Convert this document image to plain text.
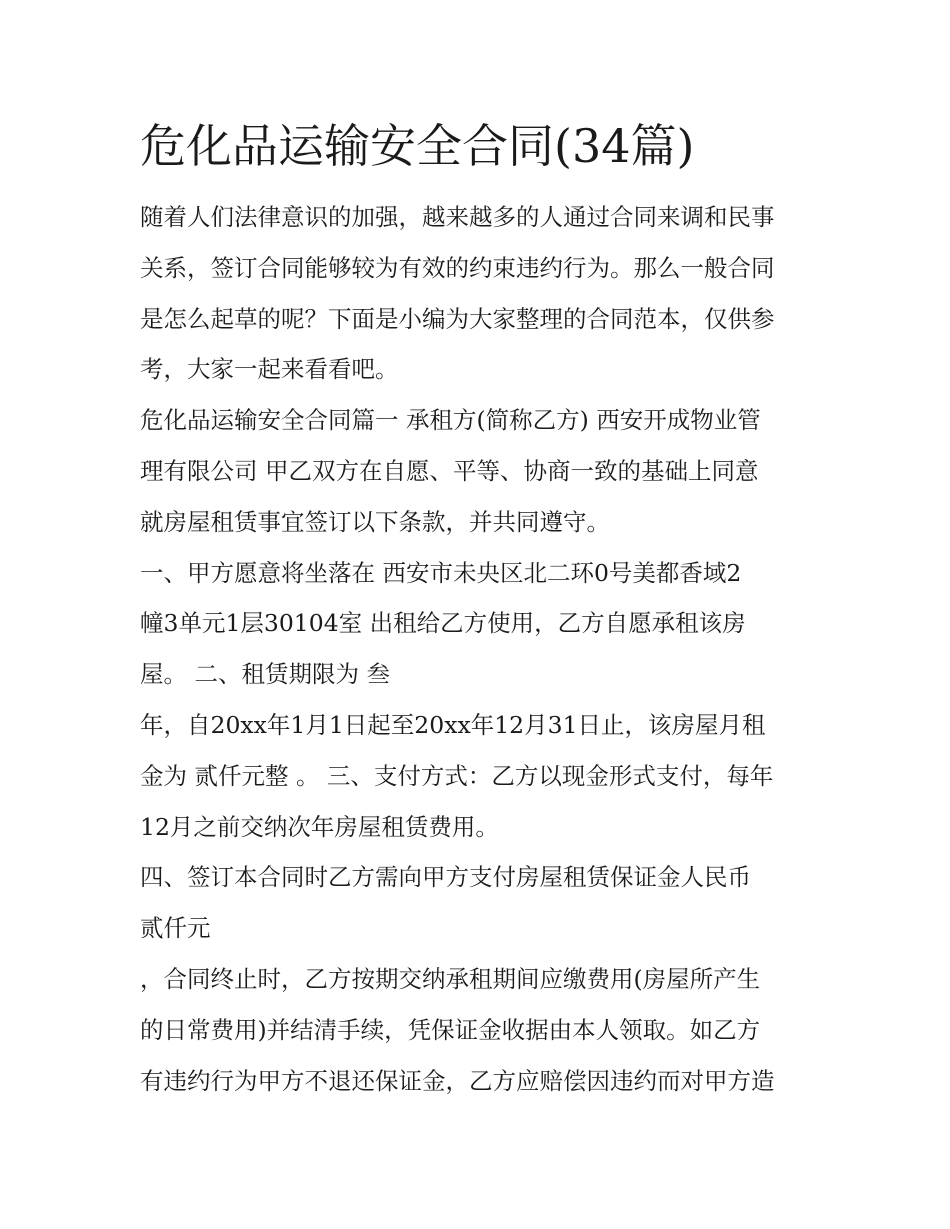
危化品运输安全合同(34篇)

随着人们法律意识的加强，越来越多的人通过合同来调和民事

关系，签订合同能够较为有效的约束违约行为。那么一般合同

是怎么起草的呢？下面是小编为大家整理的合同范本，仅供参

考，大家一起来看看吧。

危化品运输安全合同篇一 承租方(简称乙方) 西安开成物业管

理有限公司 甲乙双方在自愿、平等、协商一致的基础上同意

就房屋租赁事宜签订以下条款，并共同遵守。

一、甲方愿意将坐落在 西安市未央区北二环0号美都香域2

幢3单元1层30104室 出租给乙方使用，乙方自愿承租该房

屋。 二、租赁期限为 叁

年，自20xx年1月1日起至20xx年12月31日止，该房屋月租

金为 贰仟元整 。 三、支付方式：乙方以现金形式支付，每年

12月之前交纳次年房屋租赁费用。

四、签订本合同时乙方需向甲方支付房屋租赁保证金人民币

贰仟元

，合同终止时，乙方按期交纳承租期间应缴费用(房屋所产生

的日常费用)并结清手续，凭保证金收据由本人领取。如乙方

有违约行为甲方不退还保证金，乙方应赔偿因违约而对甲方造
